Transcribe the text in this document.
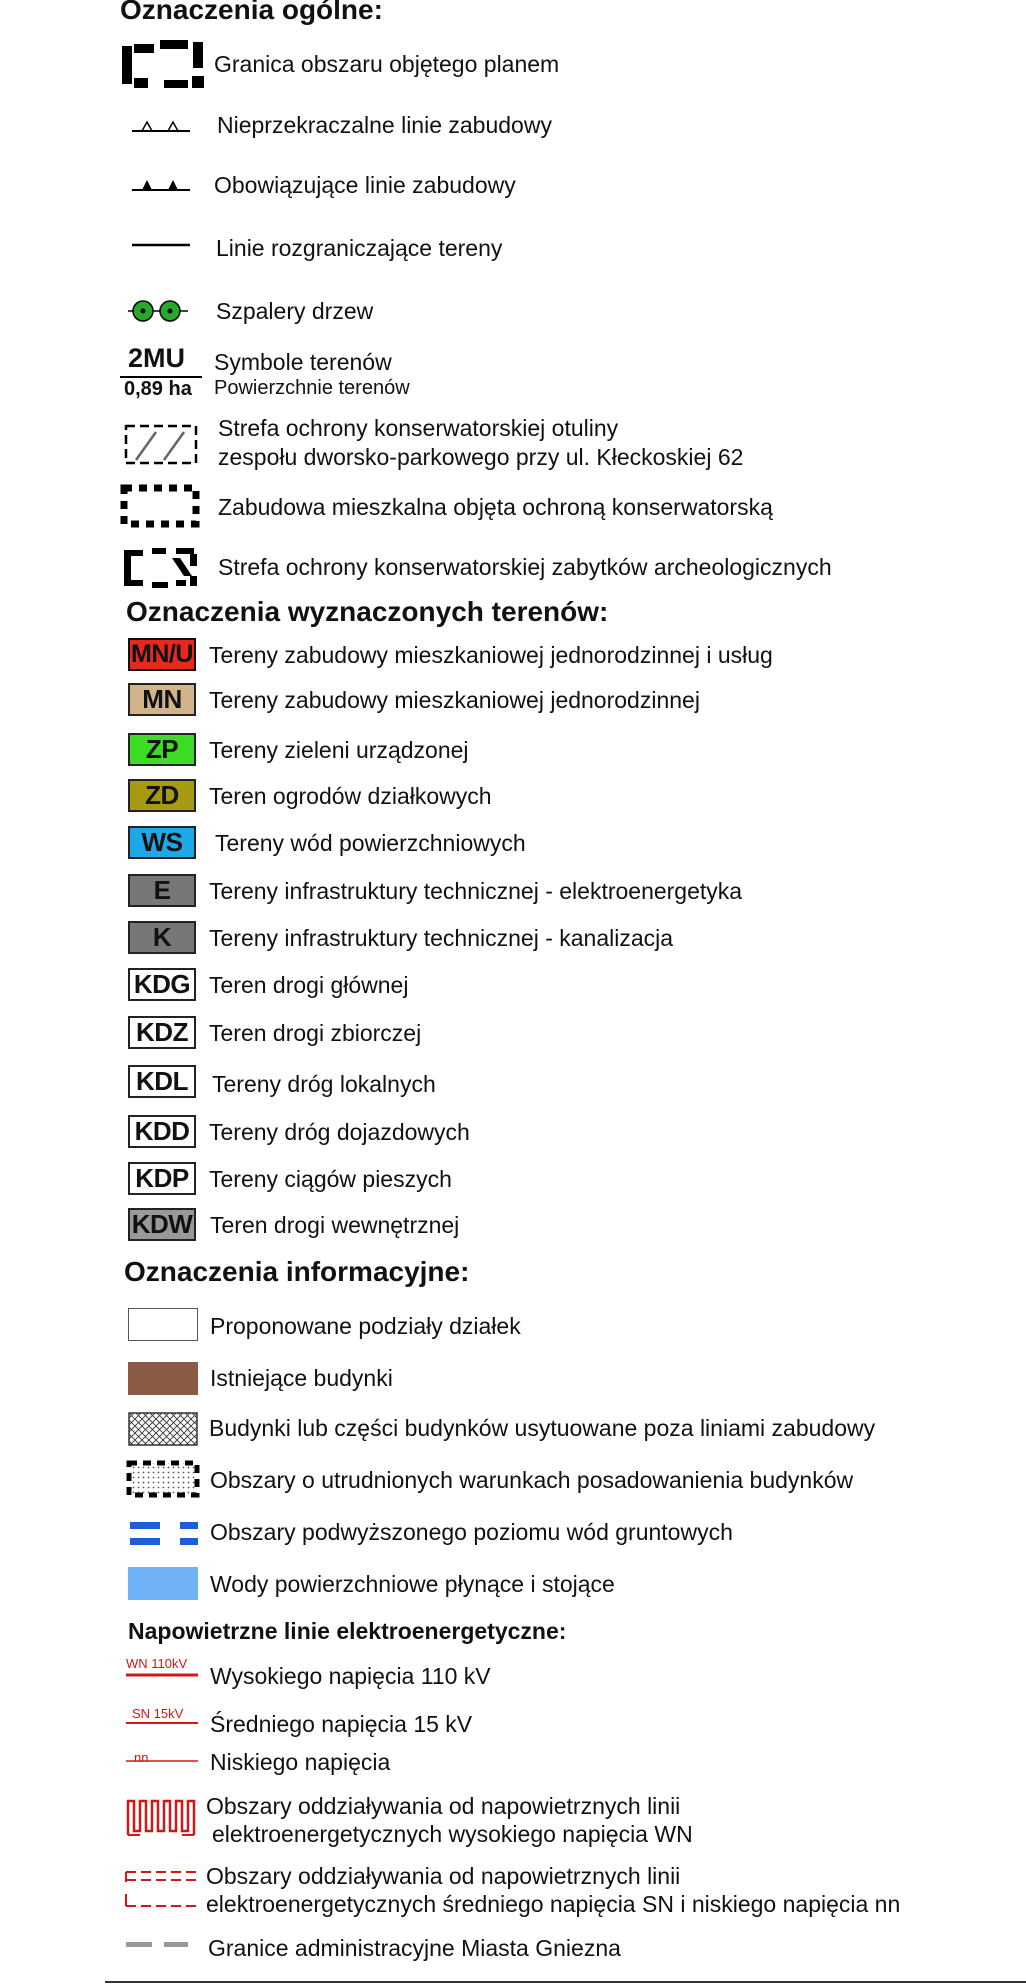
Oznaczenia ogólne:
Granica obszaru objętego planem
Nieprzekraczalne linie zabudowy
Obowiązujące linie zabudowy
Linie rozgraniczające tereny
Szpalery drzew
2MU
0,89 ha
Symbole terenów
Powierzchnie terenów
Strefa ochrony konserwatorskiej otuliny
zespołu dworsko-parkowego przy ul. Kłeckoskiej 62
Zabudowa mieszkalna objęta ochroną konserwatorską
Strefa ochrony konserwatorskiej zabytków archeologicznych
Oznaczenia wyznaczonych terenów:
MN/U Tereny zabudowy mieszkaniowej jednorodzinnej i usług
MN	Tereny zabudowy mieszkaniowej jednorodzinnej
ZP	Tereny zieleni urządzonej
ZD	Teren ogrodów działkowych
WS	Tereny wód powierzchniowych
E	Tereny infrastruktury technicznej - elektroenergetyka
K	Tereny infrastruktury technicznej - kanalizacja
KDG Teren drogi głównej
KDZ Teren drogi zbiorczej
KDL	Tereny dróg lokalnych
KDD Tereny dróg dojazdowych
KDP Tereny ciągów pieszych
KDW Teren drogi wewnętrznej
Oznaczenia informacyjne:
Proponowane podziały działek
Istniejące budynki
Budynki lub części budynków usytuowane poza liniami zabudowy
Obszary o utrudnionych warunkach posadowanienia budynków
Obszary podwyższonego poziomu wód gruntowych
Wody powierzchniowe płynące i stojące
Napowietrzne linie elektroenergetyczne:
WN 110kV Wysokiego napięcia 110 kV
SN 15kV Średniego napięcia 15 kV
nn	Niskiego napięcia
Obszary oddziaływania od napowietrznych linii
elektroenergetycznych wysokiego napięcia WN
Obszary oddziaływania od napowietrznych linii
elektroenergetycznych średniego napięcia SN i niskiego napięcia nn
Granice administracyjne Miasta Gniezna
